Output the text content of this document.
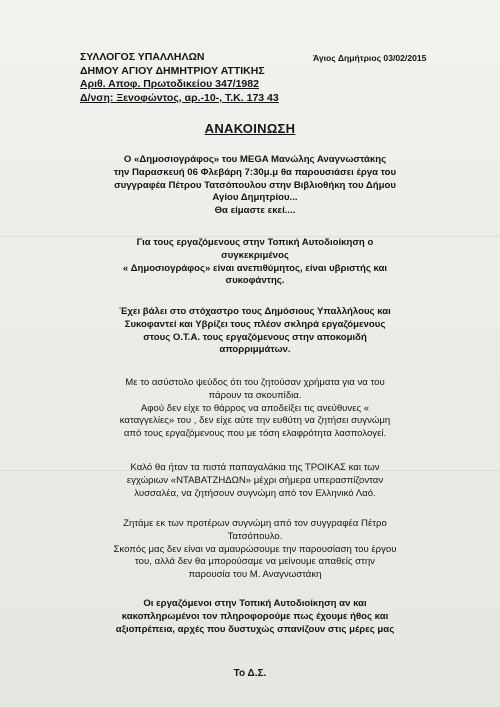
ΣΥΛΛΟΓΟΣ ΥΠΑΛΛΗΛΩΝ
ΔΗΜΟΥ ΑΓΙΟΥ ΔΗΜΗΤΡΙΟΥ ΑΤΤΙΚΗΣ
Αριθ. Αποφ. Πρωτοδικείου 347/1982
Δ/νση: Ξενοφώντος, αρ.-10-, Τ.Κ. 173 43
Άγιος Δημήτριος 03/02/2015
ΑΝΑΚΟΙΝΩΣΗ
Ο «Δημοσιογράφος» του MEGA Μανώλης Αναγνωστάκης
την Παρασκευή 06 Φλεβάρη 7:30μ.μ θα παρουσιάσει έργα του
συγγραφέα Πέτρου Τατσόπουλου στην Βιβλιοθήκη του Δήμου
Αγίου Δημητρίου...
Θα είμαστε εκεί....
Για τους εργαζόμενους στην Τοπική Αυτοδιοίκηση ο
συγκεκριμένος
« Δημοσιογράφος» είναι ανεπιθύμητος, είναι υβριστής και
συκοφάντης.
Έχει βάλει στο στόχαστρο τους Δημόσιους Υπαλλήλους και
Συκοφαντεί και Υβρίζει τους πλέον σκληρά εργαζόμενους
στους Ο.Τ.Α. τους εργαζόμενους στην αποκομιδή
απορριμμάτων.
Με το ασύστολο ψεύδος ότι του ζητούσαν χρήματα για να του
πάρουν τα σκουπίδια.
Αφού δεν είχε το θάρρος να αποδείξει τις ανεύθυνες «
καταγγελίες» του , δεν είχε αύτε την ευθύτη να ζητήσει συγνώμη
από τους εργαζόμενους που με τόση ελαφρότητα λασπολογεί.
Καλό θα ήταν τα πιστά παπαγαλάκια της ΤΡΟΙΚΑΣ και των
εγχώριων «ΝΤΑΒΑΤΖΗΔΩΝ» μέχρι σήμερα υπερασπίζονταν
λυσσαλέα, να ζητήσουν συγνώμη από τον Ελληνικό Λαό.
Ζητάμε εκ των προτέρων συγνώμη από τον συγγραφέα Πέτρο
Τατσόπουλο.
Σκοπός μας δεν είναι να αμαυρώσουμε την παρουσίαση του έργου
του, αλλά δεν θα μπορούσαμε να μείνουμε απαθείς στην
παρουσία του Μ. Αναγνωστάκη
Οι εργαζόμενοι στην Τοπική Αυτοδιοίκηση αν και
κακοπληρωμένοι τον πληροφορούμε πως έχουμε ήθος και
αξιοπρέπεια, αρχές που δυστυχώς σπανίζουν στις μέρες μας
Το Δ.Σ.
